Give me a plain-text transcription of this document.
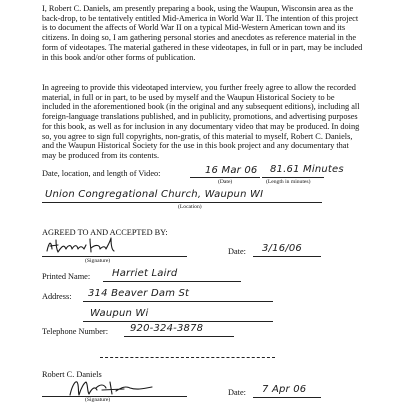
I, Robert C. Daniels, am presently preparing a book, using the Waupun, Wisconsin area as the back-drop, to be tentatively entitled Mid-America in World War II. The intention of this project is to document the affects of World War II on a typical Mid-Western American town and its citizens. In doing so, I am gathering personal stories and anecdotes as reference material in the form of videotapes. The material gathered in these videotapes, in full or in part, may be included in this book and/or other forms of publication.

In agreeing to provide this videotaped interview, you further freely agree to allow the recorded material, in full or in part, to be used by myself and the Waupun Historical Society to be included in the aforementioned book (in the original and any subsequent editions), including all foreign-language translations published, and in publicity, promotions, and advertising purposes for this book, as well as for inclusion in any documentary video that may be produced. In doing so, you agree to sign full copyrights, non-gratis, of this material to myself, Robert C. Daniels, and the Waupun Historical Society for the use in this book project and any documentary that may be produced from its contents.

Date, location, and length of Video:	16 Mar 06
(Date)
81.61 Minutes
(Length in minutes)
Union Congregational Church, Waupun WI
(Location)
AGREED TO AND ACCEPTED BY:
(Signature)
Date: 3/16/06
Printed Name: Harriet Laird
Address: 314 Beaver Dam St
Waupun Wi
Telephone Number: 920-324-3878
Robert C. Daniels
(Signature)
Date: 7 Apr 06
